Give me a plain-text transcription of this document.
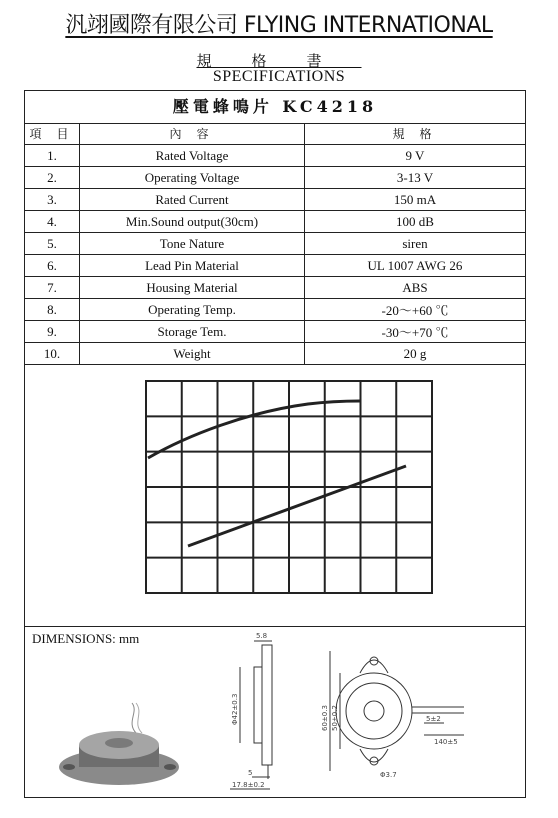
汎翊國際有限公司 FLYING INTERNATIONAL
規格書
SPECIFICATIONS
壓電蜂鳴片 KC4218
項 目	內 容	規 格
1.	Rated Voltage	9 V
2.	Operating Voltage	3-13 V
3.	Rated Current	150 mA
4.	Min.Sound output(30cm)	100 dB
5.	Tone Nature	siren
6.	Lead Pin Material	UL 1007 AWG 26
7.	Housing Material	ABS
8.	Operating Temp.	-20～+60 ℃
9.	Storage Tem.	-30～+70 ℃
10.	Weight	20 g
DIMENSIONS: mm	5.8
Φ42±0.3
5
17.8±0.2
60±0.3 50±0.2
Φ3.7
5±2
140±5
